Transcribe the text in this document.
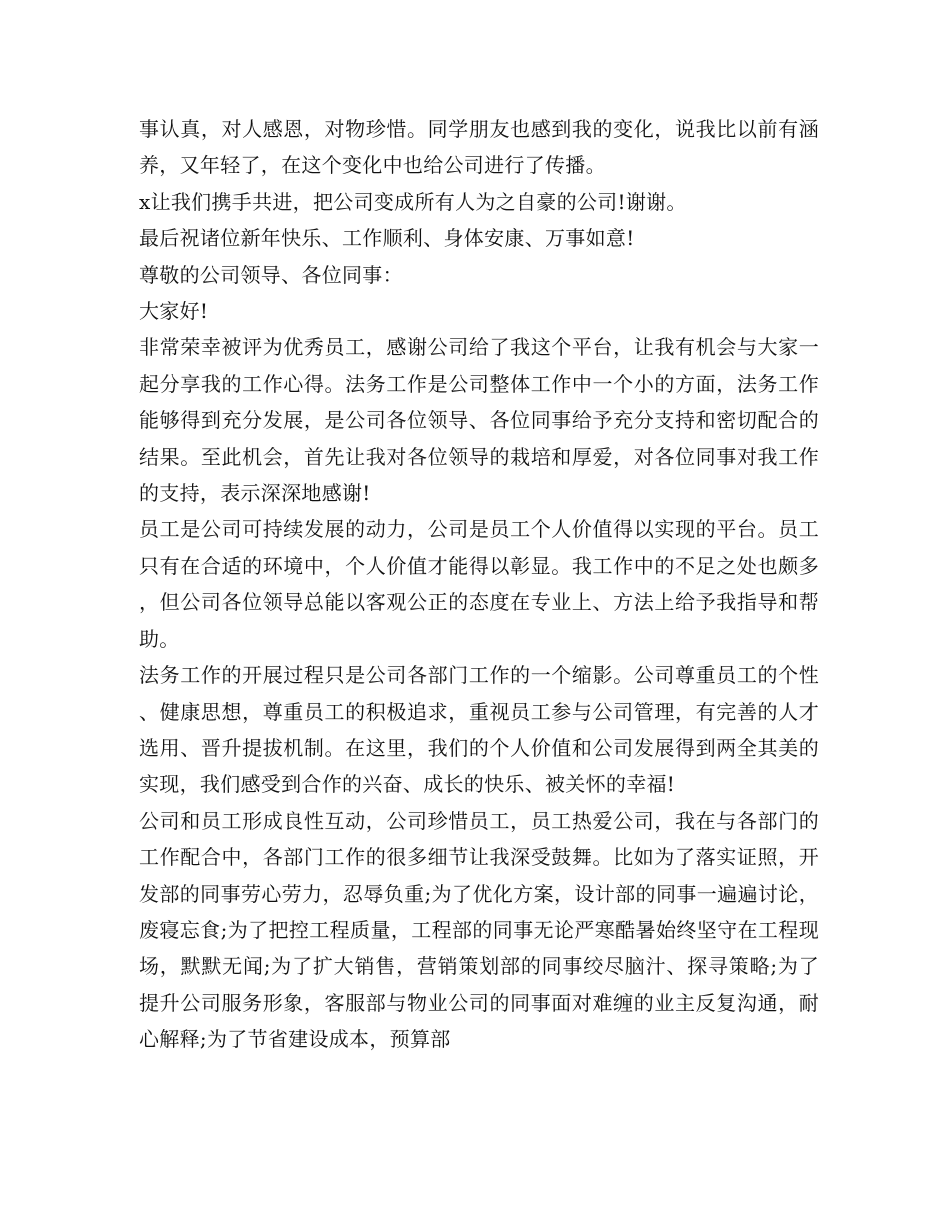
事认真，对人感恩，对物珍惜。同学朋友也感到我的变化，说我比以前有涵养，又年轻了，在这个变化中也给公司进行了传播。

x让我们携手共进，把公司变成所有人为之自豪的公司!谢谢。

最后祝诸位新年快乐、工作顺利、身体安康、万事如意!

尊敬的公司领导、各位同事：

大家好!

非常荣幸被评为优秀员工，感谢公司给了我这个平台，让我有机会与大家一起分享我的工作心得。法务工作是公司整体工作中一个小的方面，法务工作能够得到充分发展，是公司各位领导、各位同事给予充分支持和密切配合的结果。至此机会，首先让我对各位领导的栽培和厚爱，对各位同事对我工作的支持，表示深深地感谢!

员工是公司可持续发展的动力，公司是员工个人价值得以实现的平台。员工只有在合适的环境中，个人价值才能得以彰显。我工作中的不足之处也颇多，但公司各位领导总能以客观公正的态度在专业上、方法上给予我指导和帮助。

法务工作的开展过程只是公司各部门工作的一个缩影。公司尊重员工的个性、健康思想，尊重员工的积极追求，重视员工参与公司管理，有完善的人才选用、晋升提拔机制。在这里，我们的个人价值和公司发展得到两全其美的实现，我们感受到合作的兴奋、成长的快乐、被关怀的幸福!

公司和员工形成良性互动，公司珍惜员工，员工热爱公司，我在与各部门的工作配合中，各部门工作的很多细节让我深受鼓舞。比如为了落实证照，开发部的同事劳心劳力，忍辱负重;为了优化方案，设计部的同事一遍遍讨论，废寝忘食;为了把控工程质量，工程部的同事无论严寒酷暑始终坚守在工程现场，默默无闻;为了扩大销售，营销策划部的同事绞尽脑汁、探寻策略;为了提升公司服务形象，客服部与物业公司的同事面对难缠的业主反复沟通，耐心解释;为了节省建设成本，预算部
